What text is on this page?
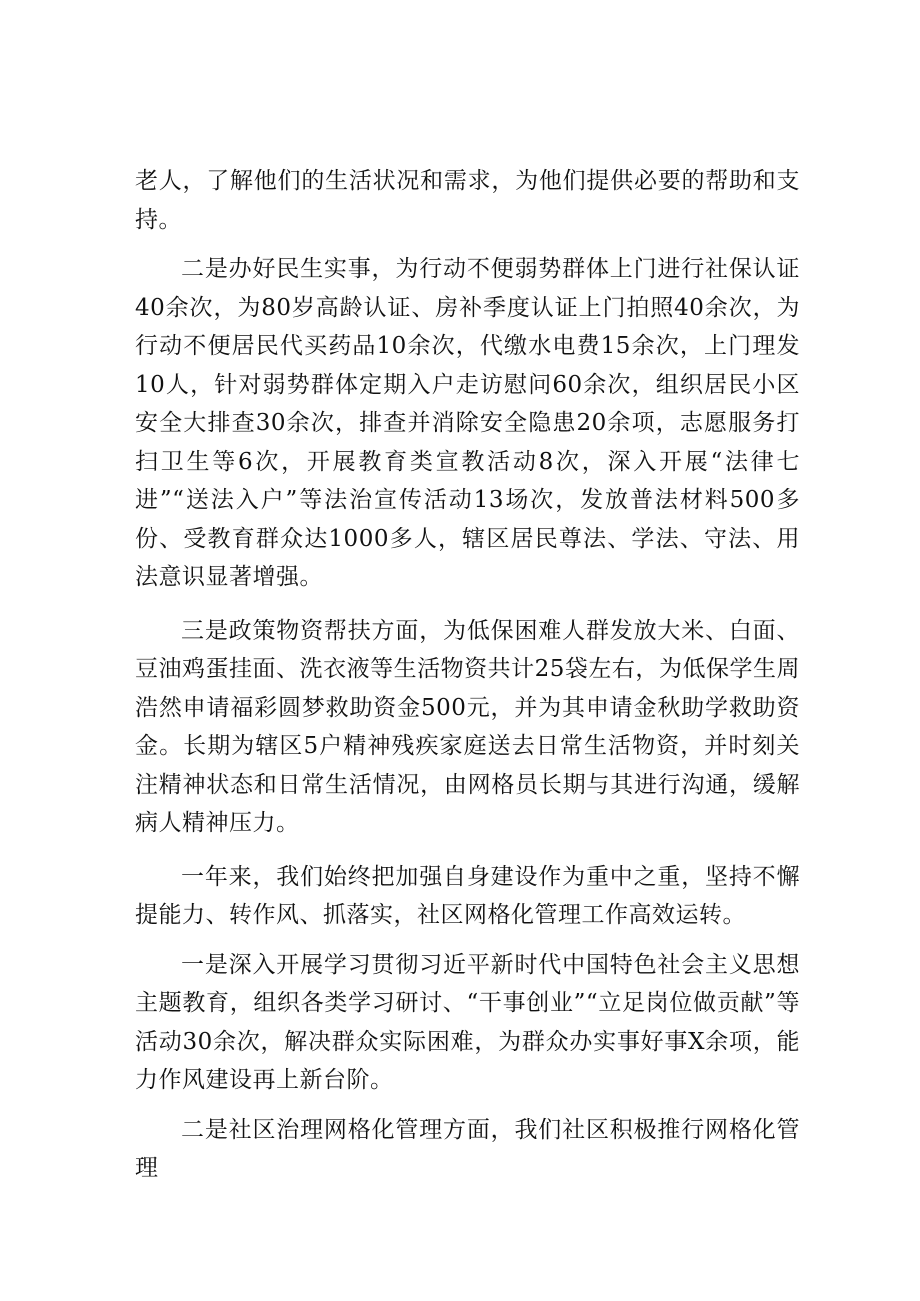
老人，了解他们的生活状况和需求，为他们提供必要的帮助和支持。

二是办好民生实事，为行动不便弱势群体上门进行社保认证40余次，为80岁高龄认证、房补季度认证上门拍照40余次，为行动不便居民代买药品10余次，代缴水电费15余次，上门理发10人，针对弱势群体定期入户走访慰问60余次，组织居民小区安全大排查30余次，排查并消除安全隐患20余项，志愿服务打扫卫生等6次，开展教育类宣教活动8次，深入开展“法律七进”“送法入户”等法治宣传活动13场次，发放普法材料500多份、受教育群众达1000多人，辖区居民尊法、学法、守法、用法意识显著增强。

三是政策物资帮扶方面，为低保困难人群发放大米、白面、豆油鸡蛋挂面、洗衣液等生活物资共计25袋左右，为低保学生周浩然申请福彩圆梦救助资金500元，并为其申请金秋助学救助资金。长期为辖区5户精神残疾家庭送去日常生活物资，并时刻关注精神状态和日常生活情况，由网格员长期与其进行沟通，缓解病人精神压力。

一年来，我们始终把加强自身建设作为重中之重，坚持不懈提能力、转作风、抓落实，社区网格化管理工作高效运转。

一是深入开展学习贯彻习近平新时代中国特色社会主义思想主题教育，组织各类学习研讨、“干事创业”“立足岗位做贡献”等活动30余次，解决群众实际困难，为群众办实事好事X余项，能力作风建设再上新台阶。

二是社区治理网格化管理方面，我们社区积极推行网格化管理
